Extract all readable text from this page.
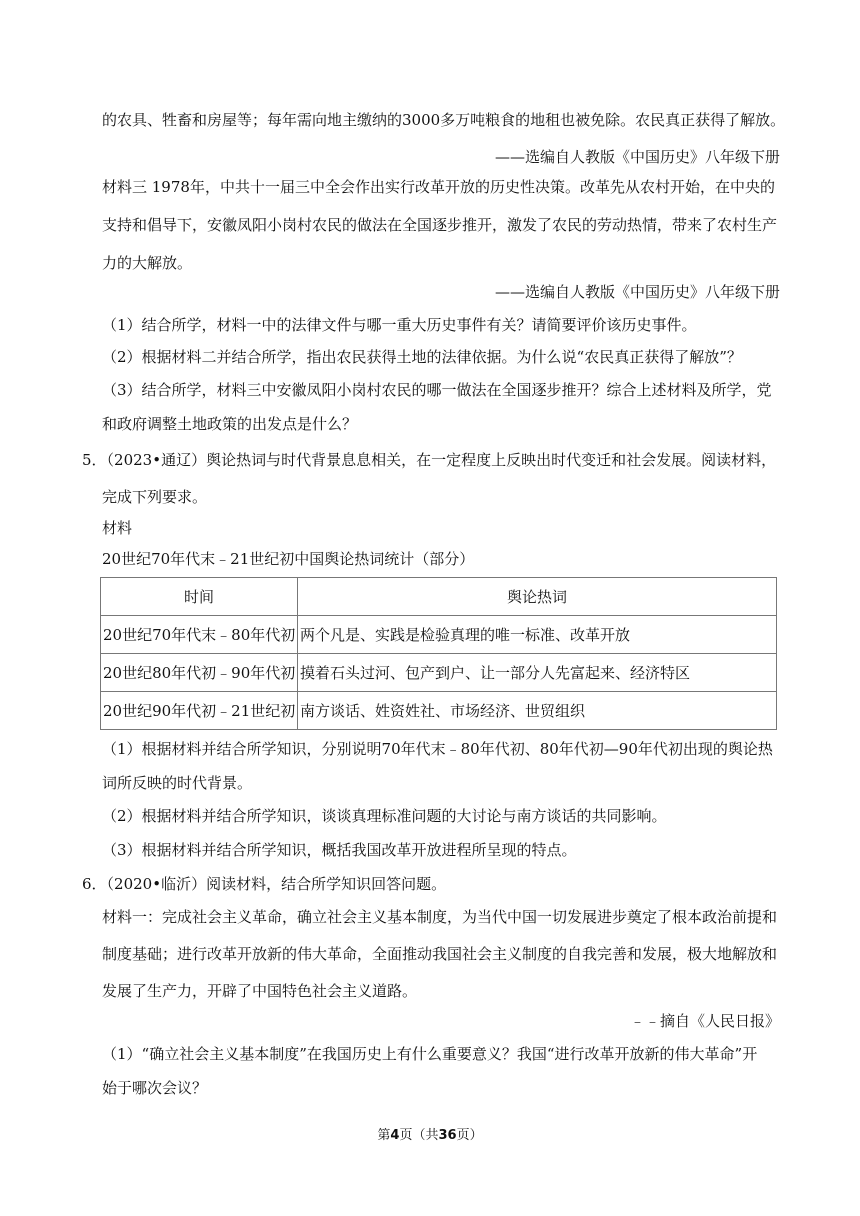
的农具、牲畜和房屋等；每年需向地主缴纳的3000多万吨粮食的地租也被免除。农民真正获得了解放。
——选编自人教版《中国历史》八年级下册
材料三 1978年，中共十一届三中全会作出实行改革开放的历史性决策。改革先从农村开始，在中央的
支持和倡导下，安徽凤阳小岗村农民的做法在全国逐步推开，激发了农民的劳动热情，带来了农村生产
力的大解放。
——选编自人教版《中国历史》八年级下册
（1）结合所学，材料一中的法律文件与哪一重大历史事件有关？请简要评价该历史事件。
（2）根据材料二并结合所学，指出农民获得土地的法律依据。为什么说“农民真正获得了解放”？
（3）结合所学，材料三中安徽凤阳小岗村农民的哪一做法在全国逐步推开？综合上述材料及所学，党
和政府调整土地政策的出发点是什么？
5．（2023•通辽）舆论热词与时代背景息息相关，在一定程度上反映出时代变迁和社会发展。阅读材料，
完成下列要求。
材料
20世纪70年代末﹣21世纪初中国舆论热词统计（部分）
时间	舆论热词
20世纪70年代末﹣80年代初	两个凡是、实践是检验真理的唯一标准、改革开放
20世纪80年代初﹣90年代初	摸着石头过河、包产到户、让一部分人先富起来、经济特区
20世纪90年代初﹣21世纪初	南方谈话、姓资姓社、市场经济、世贸组织
（1）根据材料并结合所学知识，分别说明70年代末﹣80年代初、80年代初—90年代初出现的舆论热
词所反映的时代背景。
（2）根据材料并结合所学知识，谈谈真理标准问题的大讨论与南方谈话的共同影响。
（3）根据材料并结合所学知识，概括我国改革开放进程所呈现的特点。
6．（2020•临沂）阅读材料，结合所学知识回答问题。
材料一：完成社会主义革命，确立社会主义基本制度，为当代中国一切发展进步奠定了根本政治前提和
制度基础；进行改革开放新的伟大革命，全面推动我国社会主义制度的自我完善和发展，极大地解放和
发展了生产力，开辟了中国特色社会主义道路。
﹣﹣摘自《人民日报》
（1）“确立社会主义基本制度”在我国历史上有什么重要意义？我国“进行改革开放新的伟大革命”开
始于哪次会议？
第4页（共36页）
